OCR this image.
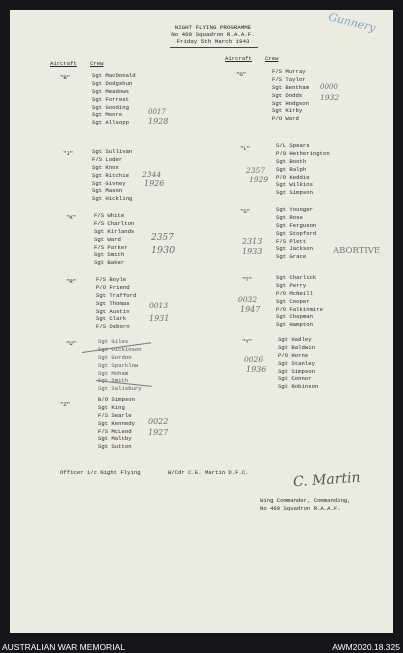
NIGHT FLYING PROGRAMME
No 460 Squadron R.A.A.F.
Friday 5th March 1943
Gunnery
Aircraft Crew
Aircraft Crew
"B"	Sgt MacDonald
Sgt Dodgshun
Sgt Meadows
Sgt Forrest
Sgt Gooding
Sgt Moore
Sgt Allsopp
0017
1928
"J"	Sgt Sullivan
F/S Loder
Sgt Knox
Sgt Ritchie
Sgt Givney
Sgt Mason
Sgt Hickling
2344
1926
"K"	F/S White
F/S Charlton
Sgt Kirlands
Sgt Ward
F/S Parker
Sgt Smith
Sgt Baker
2357
1930
"R"	F/S Boyle
P/O Friend
Sgt Trafford
Sgt Thomas
Sgt Austin
Sgt Clark
F/S Osborn
0013
1931
"U"	Sgt Giles
Sgt Dickinson
Sgt Gordon
Sgt Sparklow
Sgt Moham
Sgt Smith
Sgt Salisbury
"Z"
B/O Simpson
Sgt King
F/S Searle
Sgt Kennedy
F/S McLeod
Sgt Maltby
Sgt Sutton
0022
1927
"O"	F/S Murray
F/S Taylor
Sgt Bentham
Sgt Dodds
Sgt Hodgson
Sgt Kirby
P/O Ward
0000
1932
"L"	S/L Spears
P/O Hetherington
Sgt Booth
Sgt Ralph
P/O Keddie
Sgt Wilkins
Sgt Simpson
2357
1929
"S"	Sgt Younger
Sgt Rose
Sgt Ferguson
Sgt Stopford
F/S Plett
Sgt Jackson
Sgt Grace
2313
1933	ABORTIVE
"T"	Sgt Charlick
Sgt Perry
P/O McNeill
Sgt Cooper
P/O Falkinmire
Sgt Chapman
Sgt Hampton
0032
1947
"Y"	Sgt Hadley
Sgt Baldwin
P/O Horne
Sgt Stanley
Sgt Simpson
Sgt Connor
Sgt Robinson
0026
1936
Officer i/c Night Flying	W/Cdr C.E. Martin D.F.C.	C. Martin
Wing Commander, Commanding,
No 460 Squadron R.A.A.F.
AUSTRALIAN WAR MEMORIAL	AWM2020.18.325
